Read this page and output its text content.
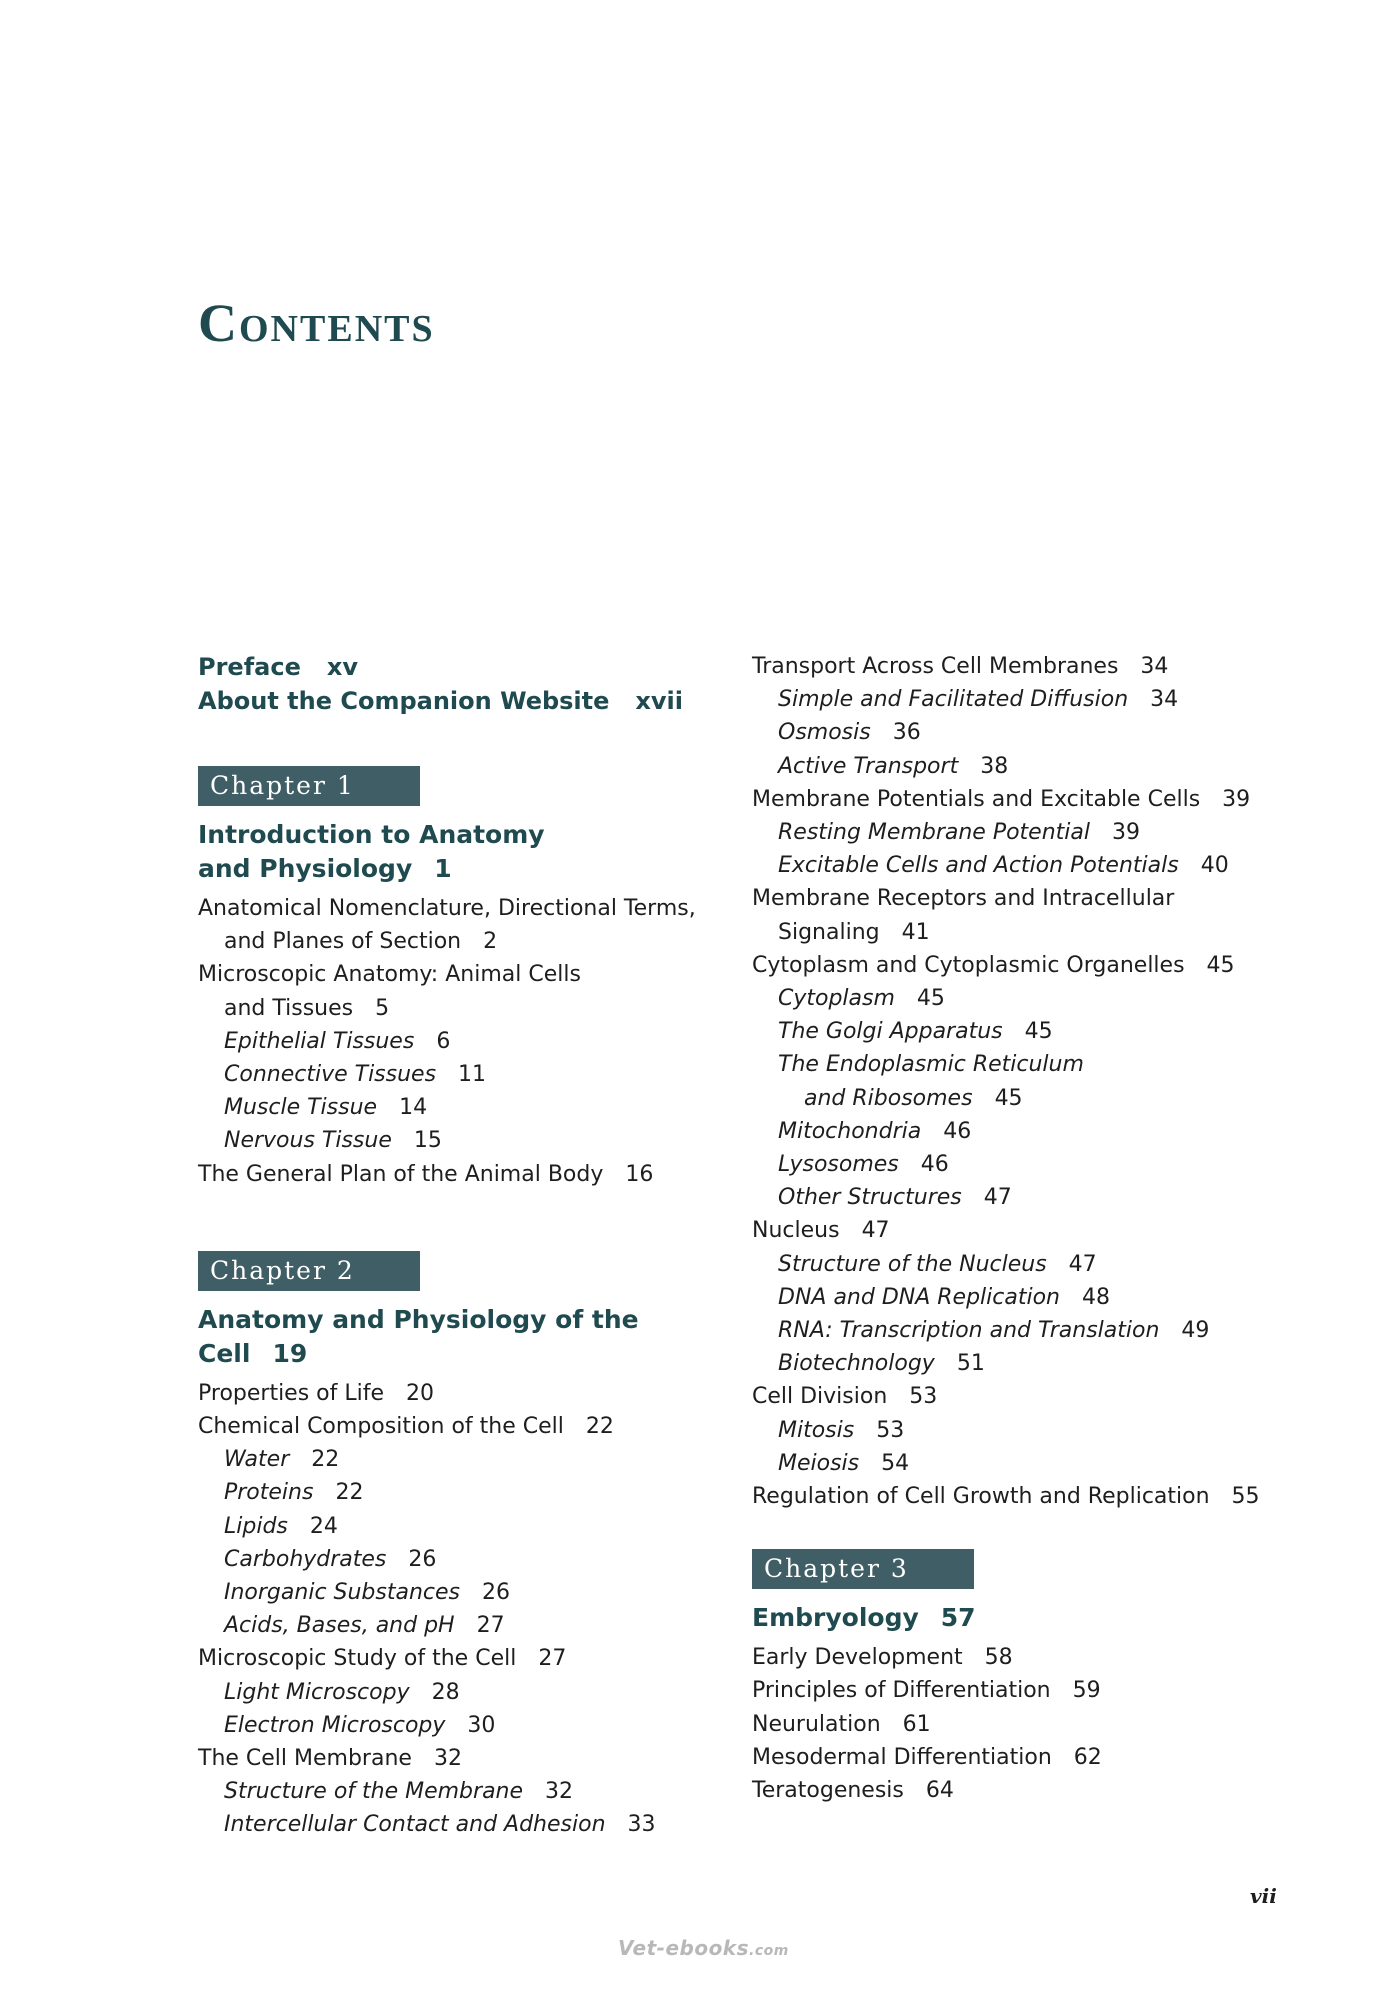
Contents
Preface xv
About the Companion Website xvii
Chapter 1
Introduction to Anatomy
and Physiology 1
Anatomical Nomenclature, Directional Terms,
and Planes of Section 2
Microscopic Anatomy: Animal Cells
and Tissues 5
Epithelial Tissues 6
Connective Tissues 11
Muscle Tissue 14
Nervous Tissue 15
The General Plan of the Animal Body 16
Chapter 2
Anatomy and Physiology of the Cell 19
Properties of Life 20
Chemical Composition of the Cell 22
Water 22
Proteins 22
Lipids 24
Carbohydrates 26
Inorganic Substances 26
Acids, Bases, and pH 27
Microscopic Study of the Cell 27
Light Microscopy 28
Electron Microscopy 30
The Cell Membrane 32
Structure of the Membrane 32
Intercellular Contact and Adhesion 33
Transport Across Cell Membranes 34
Simple and Facilitated Diffusion 34
Osmosis 36
Active Transport 38
Membrane Potentials and Excitable Cells 39
Resting Membrane Potential 39
Excitable Cells and Action Potentials 40
Membrane Receptors and Intracellular
Signaling 41
Cytoplasm and Cytoplasmic Organelles 45
Cytoplasm 45
The Golgi Apparatus 45
The Endoplasmic Reticulum
and Ribosomes 45
Mitochondria 46
Lysosomes 46
Other Structures 47
Nucleus 47
Structure of the Nucleus 47
DNA and DNA Replication 48
RNA: Transcription and Translation 49
Biotechnology 51
Cell Division 53
Mitosis 53
Meiosis 54
Regulation of Cell Growth and Replication 55
Chapter 3
Embryology 57
Early Development 58
Principles of Differentiation 59
Neurulation 61
Mesodermal Differentiation 62
Teratogenesis 64
vii
Vet-ebooks.com
